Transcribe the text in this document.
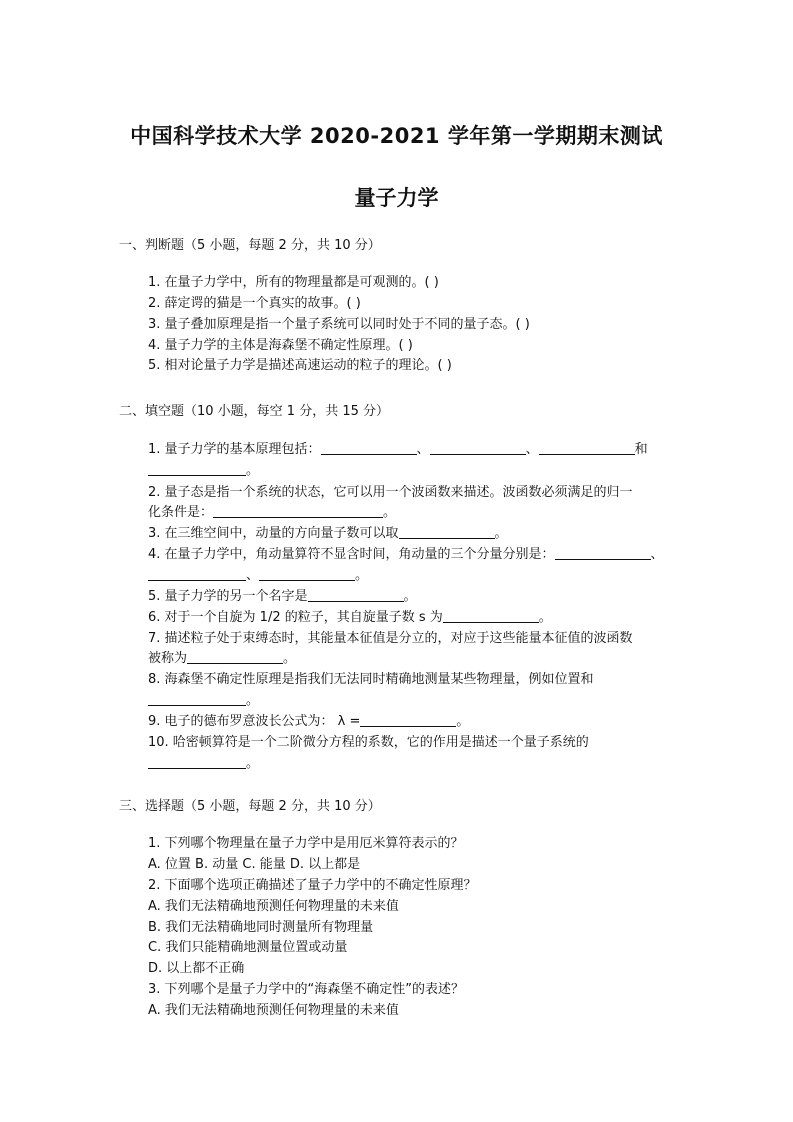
中国科学技术大学 2020-2021 学年第一学期期末测试
量子力学
一、判断题（5 小题，每题 2 分，共 10 分）
1. 在量子力学中，所有的物理量都是可观测的。( )
2. 薛定谔的猫是一个真实的故事。( )
3. 量子叠加原理是指一个量子系统可以同时处于不同的量子态。( )
4. 量子力学的主体是海森堡不确定性原理。( )
5. 相对论量子力学是描述高速运动的粒子的理论。( )
二、填空题（10 小题，每空 1 分，共 15 分）
1. 量子力学的基本原理包括：	、	、	和
。
2. 量子态是指一个系统的状态，它可以用一个波函数来描述。波函数必须满足的归一
化条件是：	。
3. 在三维空间中，动量的方向量子数可以取	。
4. 在量子力学中，角动量算符不显含时间，角动量的三个分量分别是：	、
、	。
5. 量子力学的另一个名字是	。
6. 对于一个自旋为 1/2 的粒子，其自旋量子数 s 为	。
7. 描述粒子处于束缚态时，其能量本征值是分立的，对应于这些能量本征值的波函数
被称为	。
8. 海森堡不确定性原理是指我们无法同时精确地测量某些物理量，例如位置和
。
9. 电子的德布罗意波长公式为： λ =	。
10. 哈密顿算符是一个二阶微分方程的系数，它的作用是描述一个量子系统的
。
三、选择题（5 小题，每题 2 分，共 10 分）
1. 下列哪个物理量在量子力学中是用厄米算符表示的？
A. 位置 B. 动量 C. 能量 D. 以上都是
2. 下面哪个选项正确描述了量子力学中的不确定性原理？
A. 我们无法精确地预测任何物理量的未来值
B. 我们无法精确地同时测量所有物理量
C. 我们只能精确地测量位置或动量
D. 以上都不正确
3. 下列哪个是量子力学中的“海森堡不确定性”的表述？
A. 我们无法精确地预测任何物理量的未来值
